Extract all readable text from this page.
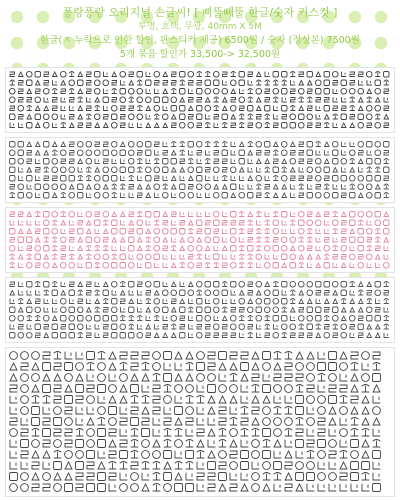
퐁랑퐁랑 오리지널 손글씨! [ 삐뚤빼뚤 한글/숫자 키스컷 ]
투명, 흐백, 무광, 40mm X 5M
한글(ㅈ 누락으로 인한 할인, 판스티커 제공) 6500원 / 숫자 (정상본) 7500원
5개 묶음 할인가 33,500-> 32,500원
